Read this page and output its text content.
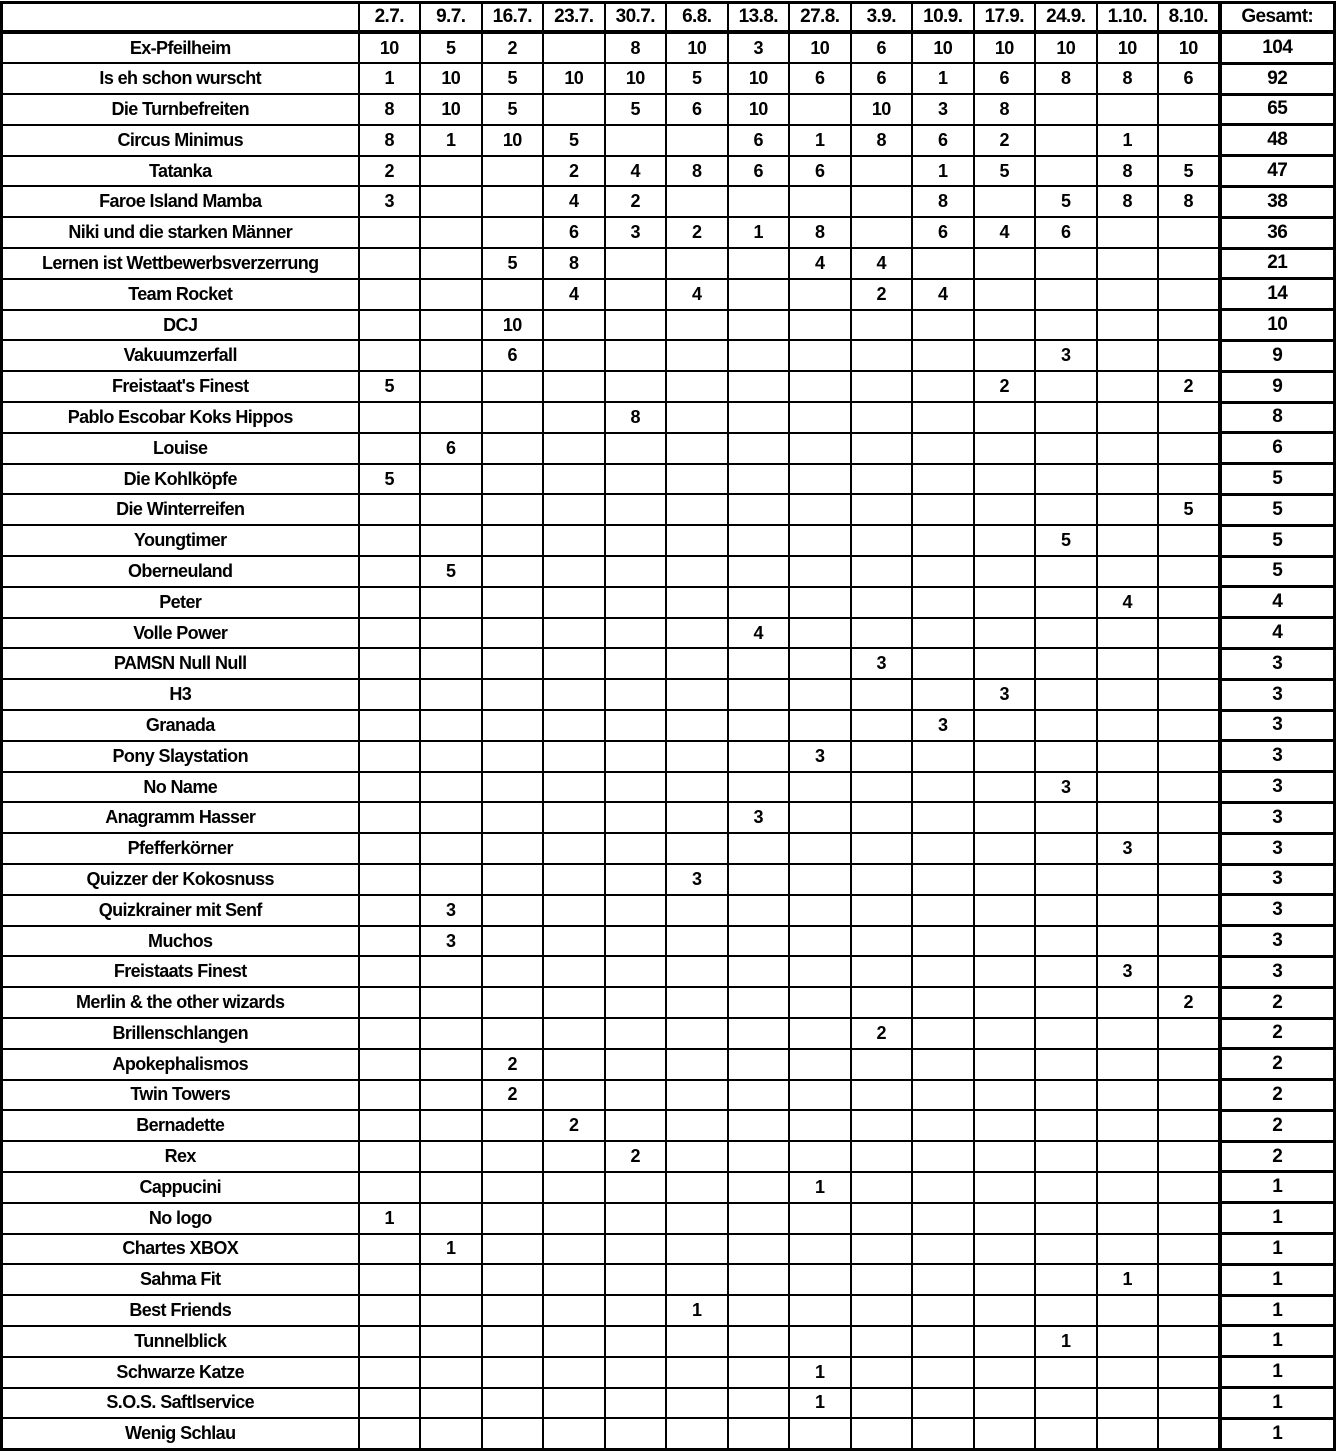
	2.7.	9.7.	16.7.	23.7.	30.7.	6.8.	13.8.	27.8.	3.9.	10.9.	17.9.	24.9.	1.10.	8.10.	Gesamt:
Ex-Pfeilheim	10	5	2		8	10	3	10	6	10	10	10	10	10	104
Is eh schon wurscht	1	10	5	10	10	5	10	6	6	1	6	8	8	6	92
Die Turnbefreiten	8	10	5		5	6	10		10	3	8				65
Circus Minimus	8	1	10	5			6	1	8	6	2		1		48
Tatanka	2			2	4	8	6	6		1	5		8	5	47
Faroe Island Mamba	3			4	2					8		5	8	8	38
Niki und die starken Männer				6	3	2	1	8		6	4	6			36
Lernen ist Wettbewerbsverzerrung			5	8				4	4						21
Team Rocket				4		4			2	4					14
DCJ			10												10
Vakuumzerfall			6									3			9
Freistaat's Finest	5										2			2	9
Pablo Escobar Koks Hippos					8										8
Louise		6													6
Die Kohlköpfe	5														5
Die Winterreifen														5	5
Youngtimer												5			5
Oberneuland		5													5
Peter													4		4
Volle Power							4								4
PAMSN Null Null									3						3
H3											3				3
Granada										3					3
Pony Slaystation								3							3
No Name												3			3
Anagramm Hasser							3								3
Pfefferkörner													3		3
Quizzer der Kokosnuss						3									3
Quizkrainer mit Senf		3													3
Muchos		3													3
Freistaats Finest													3		3
Merlin & the other wizards														2	2
Brillenschlangen									2						2
Apokephalismos			2												2
Twin Towers			2												2
Bernadette				2											2
Rex					2										2
Cappucini								1							1
No logo	1														1
Chartes XBOX		1													1
Sahma Fit													1		1
Best Friends						1									1
Tunnelblick												1			1
Schwarze Katze								1							1
S.O.S. Saftlservice								1							1
Wenig Schlau															1
